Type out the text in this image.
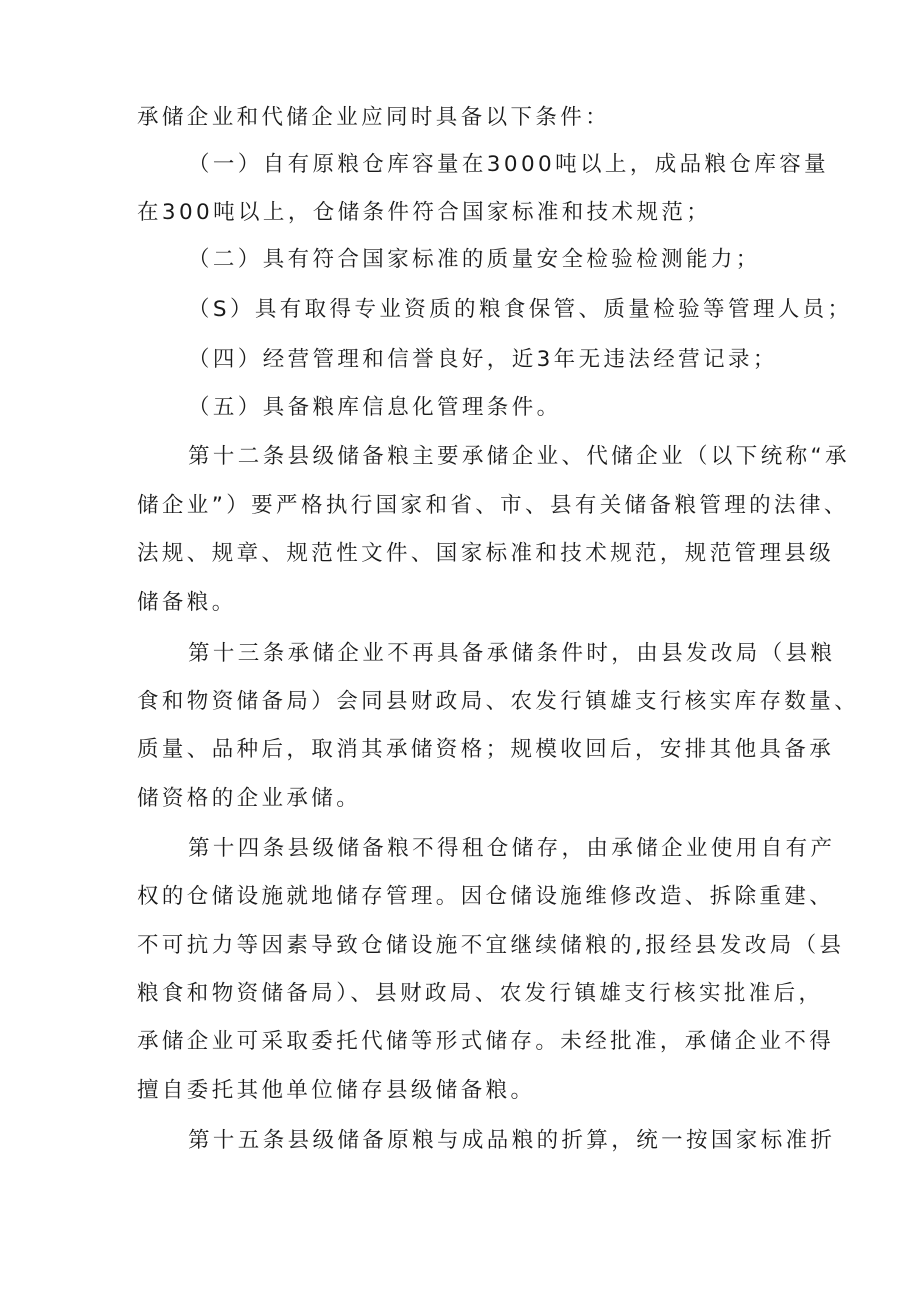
承储企业和代储企业应同时具备以下条件：
（一）自有原粮仓库容量在3000吨以上，成品粮仓库容量
在300吨以上，仓储条件符合国家标准和技术规范；
（二）具有符合国家标准的质量安全检验检测能力；
（S）具有取得专业资质的粮食保管、质量检验等管理人员；
（四）经营管理和信誉良好，近3年无违法经营记录；
（五）具备粮库信息化管理条件。
第十二条县级储备粮主要承储企业、代储企业（以下统称“承
储企业”）要严格执行国家和省、市、县有关储备粮管理的法律、
法规、规章、规范性文件、国家标准和技术规范，规范管理县级
储备粮。
第十三条承储企业不再具备承储条件时，由县发改局（县粮
食和物资储备局）会同县财政局、农发行镇雄支行核实库存数量、
质量、品种后，取消其承储资格；规模收回后，安排其他具备承
储资格的企业承储。
第十四条县级储备粮不得租仓储存，由承储企业使用自有产
权的仓储设施就地储存管理。因仓储设施维修改造、拆除重建、
不可抗力等因素导致仓储设施不宜继续储粮的,报经县发改局（县
粮食和物资储备局）、县财政局、农发行镇雄支行核实批准后，
承储企业可采取委托代储等形式储存。未经批准，承储企业不得
擅自委托其他单位储存县级储备粮。
第十五条县级储备原粮与成品粮的折算，统一按国家标准折
